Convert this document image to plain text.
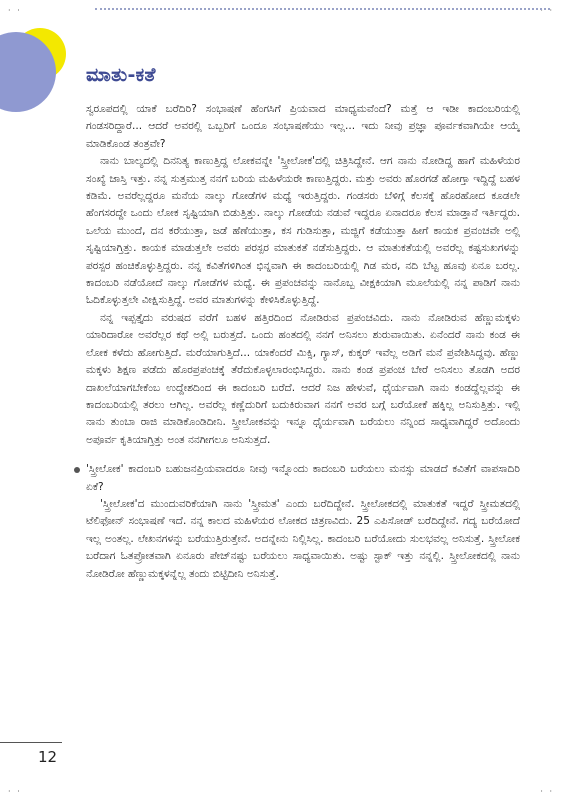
· ·	· ·
· ·	· ·
ಮಾತು-ಕತೆ

ಸ್ವರೂಪದಲ್ಲಿ ಯಾಕೆ ಬರೆದಿರಿ? ಸಂಭಾಷಣೆ ಹೆಂಗಸಿಗೆ ಪ್ರಿಯವಾದ ಮಾಧ್ಯಮವೆಂದೆ? ಮತ್ತೆ ಆ ಇಡೀ ಕಾದಂಬರಿಯಲ್ಲಿ ಗಂಡಸರಿದ್ದಾರೆ... ಆದರೆ ಅವರಲ್ಲಿ ಒಬ್ಬರಿಗೆ ಒಂದೂ ಸಂಭಾಷಣೆಯು ಇಲ್ಲ... ಇದು ನೀವು ಪ್ರಜ್ಞಾ ಪೂರ್ವಕವಾಗಿಯೇ ಆಯ್ಕೆ ಮಾಡಿಕೊಂಡ ತಂತ್ರವೇ?

ನಾನು ಬಾಲ್ಯದಲ್ಲಿ ದಿನನಿತ್ಯ ಕಾಣುತ್ತಿದ್ದ ಲೋಕವನ್ನೇ 'ಸ್ತ್ರೀಲೋಕ'ದಲ್ಲಿ ಚಿತ್ರಿಸಿದ್ದೇನೆ. ಆಗ ನಾನು ನೋಡಿದ್ದ ಹಾಗೆ ಮಹಿಳೆಯರ ಸಂಖ್ಯೆ ಜಾಸ್ತಿ ಇತ್ತು. ನನ್ನ ಸುತ್ತಮುತ್ತ ನನಗೆ ಬರಿಯ ಮಹಿಳೆಯರೇ ಕಾಣುತ್ತಿದ್ದರು. ಮತ್ತು ಅವರು ಹೊರಗಡೆ ಹೋಗ್ತಾ ಇದ್ದಿದ್ದೆ ಬಹಳ ಕಡಿಮೆ. ಅವರೆಲ್ಲದ್ದರೂ ಮನೆಯ ನಾಲ್ಕು ಗೋಡೆಗಳ ಮಧ್ಯೆ ಇರುತ್ತಿದ್ದರು. ಗಂಡಸರು ಬೆಳಿಗ್ಗೆ ಕೆಲಸಕ್ಕೆ ಹೊರಹೋದ ಕೂಡಲೇ ಹೆಂಗಸರದ್ದೇ ಒಂದು ಲೋಕ ಸೃಷ್ಟಿಯಾಗಿ ಬಿಡುತ್ತಿತ್ತು. ನಾಲ್ಕು ಗೋಡೆಯ ನಡುವೆ ಇದ್ದರೂ ಏನಾದರೂ ಕೆಲಸ ಮಾಡ್ತಾನೆ ಇರ್ತಿದ್ದರು. ಒಲೆಯ ಮುಂದೆ, ದನ ಕರೆಯುತ್ತಾ, ಜಡೆ ಹೆಣೆಯುತ್ತಾ, ಕಸ ಗುಡಿಸುತ್ತಾ, ಮಜ್ಜಿಗೆ ಕಡೆಯುತ್ತಾ ಹೀಗೆ ಕಾಯಕ ಪ್ರವಂಚವೇ ಅಲ್ಲಿ ಸೃಷ್ಟಿಯಾಗ್ತಿತ್ತು. ಕಾಯಕ ಮಾಡುತ್ತಲೇ ಅವರು ಪರಸ್ಪರ ಮಾತುಕತೆ ನಡೆಸುತ್ತಿದ್ದರು. ಆ ಮಾತುಕತೆಯಲ್ಲಿ ಅವರೆಲ್ಲ ಕಷ್ಟಸುಖಗಳನ್ನು ಪರಸ್ಪರ ಹಂಚಿಕೊಳ್ಳುತ್ತಿದ್ದರು. ನನ್ನ ಕವಿತೆಗಳಿಗಿಂತ ಭಿನ್ನವಾಗಿ ಈ ಕಾದಂಬರಿಯಲ್ಲಿ ಗಿಡ ಮರ, ನದಿ ಬೆಟ್ಟ ಹೂವು ಏನೂ ಬರಲ್ಲ. ಕಾದಂಬರಿ ನಡೆಯೋದೆ ನಾಲ್ಕು ಗೋಡೆಗಳ ಮಧ್ಯೆ. ಈ ಪ್ರಪಂಚವನ್ನು ನಾನೊಬ್ಬ ವೀಕ್ಷಕಿಯಾಗಿ ಮೂಲೆಯಲ್ಲಿ ನನ್ನ ಪಾಡಿಗೆ ನಾನು ಓದಿಕೊಳ್ಳುತ್ತಲೇ ವೀಕ್ಷಿಸುತ್ತಿದ್ದೆ. ಅವರ ಮಾತುಗಳನ್ನು ಕೇಳಿಸಿಕೊಳ್ಳುತ್ತಿದ್ದೆ.

ನನ್ನ ಇಪ್ಪತ್ತೈದು ವರುಷದ ವರೆಗೆ ಬಹಳ ಹತ್ತಿರದಿಂದ ನೋಡಿರುವ ಪ್ರಪಂಚವಿದು. ನಾನು ನೋಡಿರುವ ಹೆಣ್ಣುಮಕ್ಕಳು ಯಾರಿದಾರೋ ಅವರೆಲ್ಲರ ಕಥೆ ಅಲ್ಲಿ ಬರುತ್ತದೆ. ಒಂದು ಹಂತದಲ್ಲಿ ನನಗೆ ಅನಿಸಲು ಶುರುವಾಯಿತು. ಏನೆಂದರೆ ನಾನು ಕಂಡ ಈ ಲೋಕ ಕಳೆದು ಹೋಗುತ್ತಿದೆ. ಮರೆಯಾಗುತ್ತಿದೆ... ಯಾಕೆಂದರೆ ಮಿಕ್ಸಿ, ಗ್ಯಾಸ್, ಕುಕ್ಕರ್ ಇವೆಲ್ಲ ಅಡಿಗೆ ಮನೆ ಪ್ರವೇಶಿಸಿದ್ದವು. ಹೆಣ್ಣು ಮಕ್ಕಳು ಶಿಕ್ಷಣ ಪಡೆದು ಹೊರಪ್ರಪಂಚಕ್ಕೆ ತೆರೆದುಕೊಳ್ಳಲಾರಂಭಿಸಿದ್ದರು. ನಾನು ಕಂಡ ಪ್ರಪಂಚ ಬೇರೆ ಅನಿಸಲು ತೊಡಗಿ ಅದರ ದಾಖಲೆಯಾಗಬೇಕೆಂಬ ಉದ್ದೇಶದಿಂದ ಈ ಕಾದಂಬರಿ ಬರೆದೆ. ಆದರೆ ನಿಜ ಹೇಳುವೆ, ಧೈರ್ಯವಾಗಿ ನಾನು ಕಂಡದ್ದೆಲ್ಲವನ್ನು ಈ ಕಾದಂಬರಿಯಲ್ಲಿ ತರಲು ಆಗಿಲ್ಲ. ಅವರೆಲ್ಲ ಕಣ್ಣೆದುರಿಗೆ ಬದುಕಿರುವಾಗ ನನಗೆ ಅವರ ಬಗ್ಗೆ ಬರೆಯೋಕೆ ಹಕ್ಕಿಲ್ಲ ಅನಿಸುತ್ತಿತ್ತು. ಇಲ್ಲಿ ನಾನು ತುಂಬಾ ರಾಜಿ ಮಾಡಿಕೊಂಡಿದೀನಿ. ಸ್ತ್ರೀಲೋಕವನ್ನು ಇನ್ನೂ ಧೈರ್ಯವಾಗಿ ಬರೆಯಲು ನನ್ನಿಂದ ಸಾಧ್ಯವಾಗಿದ್ದರೆ ಅದೊಂದು ಅಪೂರ್ವ ಕೃತಿಯಾಗ್ತಿತ್ತು ಅಂತ ನನಗೀಗಲೂ ಅನಿಸುತ್ತದೆ.

'ಸ್ತ್ರೀಲೋಕ' ಕಾದಂಬರಿ ಬಹುಜನಪ್ರಿಯವಾದರೂ ನೀವು ಇನ್ನೊಂದು ಕಾದಂಬರಿ ಬರೆಯಲು ಮನಸ್ಸು ಮಾಡದೆ ಕವಿತೆಗೆ ವಾಪಸಾದಿರಿ ಏಕೆ?

'ಸ್ತ್ರೀಲೋಕ'ದ ಮುಂದುವರಿಕೆಯಾಗಿ ನಾನು 'ಸ್ತ್ರೀಮತ' ಎಂದು ಬರೆದಿದ್ದೇನೆ. ಸ್ತ್ರೀಲೋಕದಲ್ಲಿ ಮಾತುಕತೆ ಇದ್ದರೆ ಸ್ತ್ರೀಮತದಲ್ಲಿ ಟೆಲಿಫೋನ್ ಸಂಭಾಷಣೆ ಇದೆ. ನನ್ನ ಕಾಲದ ಮಹಿಳೆಯರ ಲೋಕದ ಚಿತ್ರಣವಿದು. 25 ಎಪಿಸೋಡ್ ಬರೆದಿದ್ದೇನೆ. ಗದ್ಯ ಬರೆಯೋದೆ ಇಲ್ಲ ಅಂತಲ್ಲ. ಲೇಖನಗಳನ್ನು ಬರೆಯುತ್ತಿರುತ್ತೇನೆ. ಅದನ್ನೇನು ನಿಲ್ಲಿಸಿಲ್ಲ. ಕಾದಂಬರಿ ಬರೆಯೋದು ಸುಲಭವಲ್ಲ ಅನಿಸುತ್ತೆ. ಸ್ತ್ರೀಲೋಕ ಬರೆದಾಗ ಓತಪ್ರೋತವಾಗಿ ಏನೂರು ಪೇಜ್‌ನಷ್ಟು ಬರೆಯಲು ಸಾಧ್ಯವಾಯಿತು. ಅಷ್ಟು ಸ್ಟಾಕ್ ಇತ್ತು ನನ್ನಲ್ಲಿ. ಸ್ತ್ರೀಲೋಕದಲ್ಲಿ ನಾನು ನೋಡಿರೋ ಹೆಣ್ಣುಮಕ್ಕಳನ್ನೆಲ್ಲ ತಂದು ಬಿಟ್ಟಿದೀನಿ ಅನಿಸುತ್ತೆ.

12
